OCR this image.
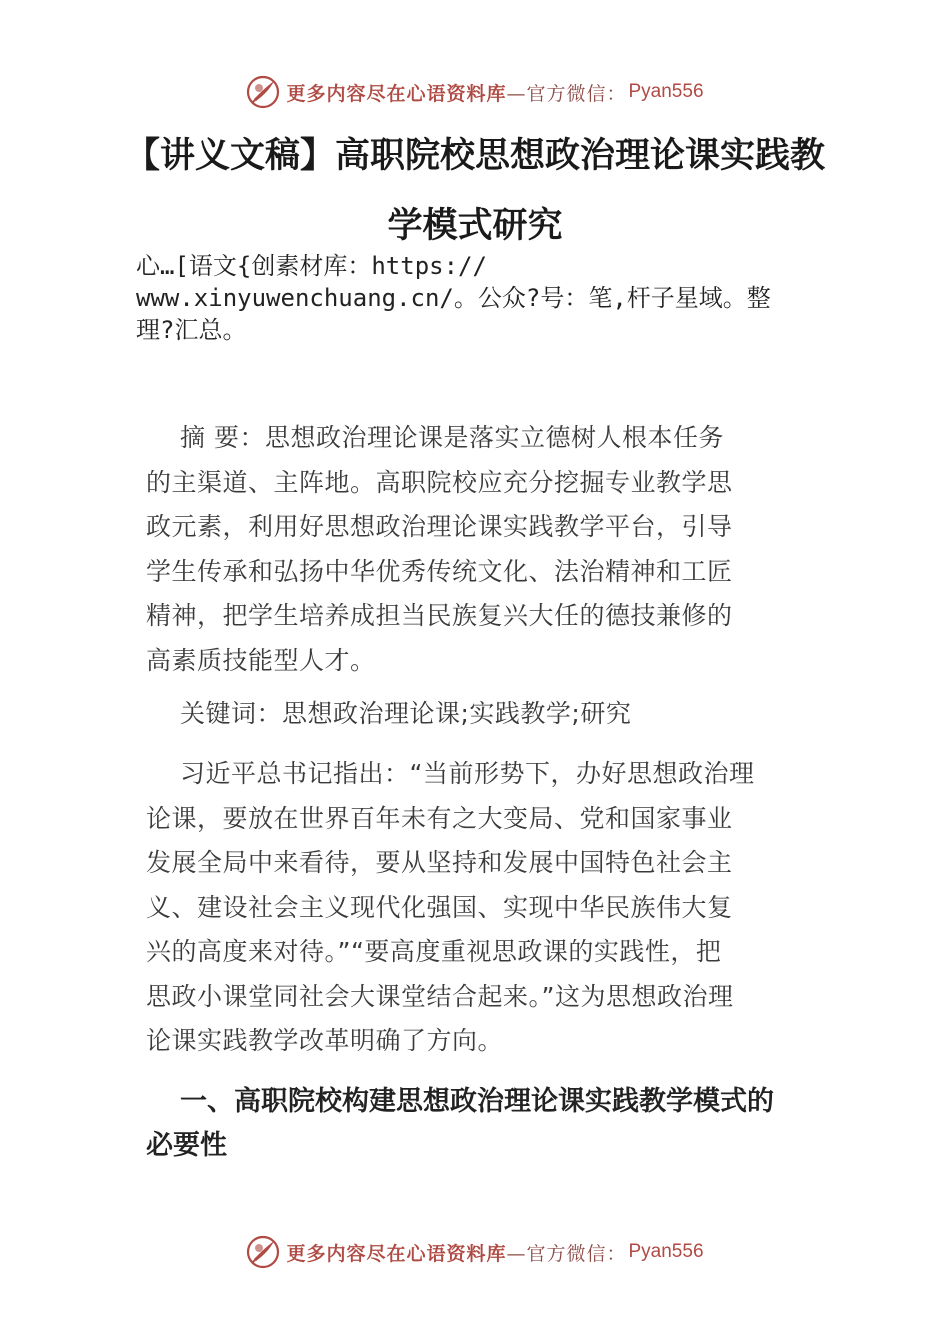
更多内容尽在心语资料库 —官方微信： Pyan556
【讲义文稿】高职院校思想政治理论课实践教
学模式研究
心…[语文{创素材库：https://
www.xinyuwenchuang.cn/。公众?号：笔,杆子星域。整
理?汇总。
摘 要：思想政治理论课是落实立德树人根本任务
的主渠道、主阵地。高职院校应充分挖掘专业教学思
政元素，利用好思想政治理论课实践教学平台，引导
学生传承和弘扬中华优秀传统文化、法治精神和工匠
精神，把学生培养成担当民族复兴大任的德技兼修的
高素质技能型人才。
关键词：思想政治理论课;实践教学;研究
习近平总书记指出：“当前形势下，办好思想政治理
论课，要放在世界百年未有之大变局、党和国家事业
发展全局中来看待，要从坚持和发展中国特色社会主
义、建设社会主义现代化强国、实现中华民族伟大复
兴的高度来对待。”“要高度重视思政课的实践性，把
思政小课堂同社会大课堂结合起来。”这为思想政治理
论课实践教学改革明确了方向。
一、高职院校构建思想政治理论课实践教学模式的
必要性
更多内容尽在心语资料库 —官方微信： Pyan556
